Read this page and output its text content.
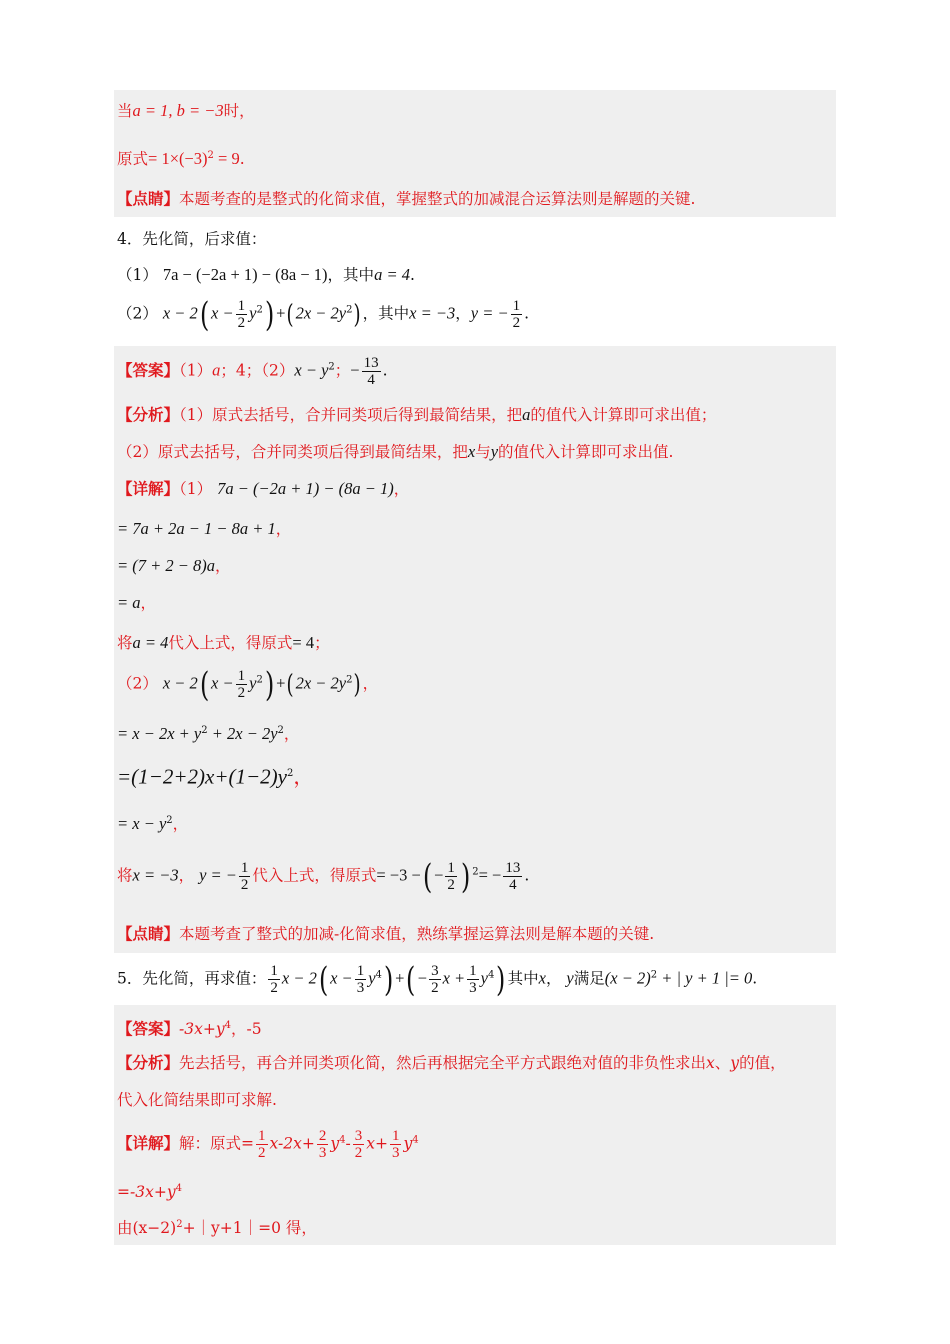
当a = 1, b = −3时，
原式= $1\times(-3)^2 = 9$.
【点睛】本题考查的是整式的化简求值，掌握整式的加减混合运算法则是解题的关键.
4．先化简，后求值：
（1） 7a − (−2a + 1) − (8a − 1)，其中a = 4.
（2） x − 2( $x - \frac{1}{2} y^2) +(2x - 2y^2)$，其中x = −3，y = − $\frac{1}{2}$ .
【答案】（1）a；4；$(2)x - y^2$；− $\frac{13}{4}$ .
【分析】（1）原式去括号，合并同类项后得到最简结果，把a的值代入计算即可求出值；
（2）原式去括号，合并同类项后得到最简结果，把x与y的值代入计算即可求出值.
【详解】（1） 7a − (−2a + 1) − (8a − 1)，
= 7a + 2a − 1 − 8a + 1，
= (7 + 2 − 8)a，
= a，
将a = 4代入上式，得原式= 4；
（2） x − 2( $x - \frac{1}{2} y^2) +(2x - 2y^2)$，
= $x - 2x + y^2 + 2x - 2y^2$，
$=(1-2+2)x+(1-2)y^2$，
= $x - y^2$，
将x = −3， y = − $\frac{1}{2}$ 代入上式，得原式= −3 −( − $\frac{1}{2}$ ) $^2= - \frac{13}{4}$ .
【点睛】本题考查了整式的加减-化简求值，熟练掌握运算法则是解本题的关键.
5．先化简，再求值： $\frac{1}{2}$ x − 2( $x - \frac{1}{3} y^4$) +( − $\frac{3}{2}$ $x + \frac{1}{3} y^4$) 其中x， y满足$(x - 2)^2$ + | y + 1 |= 0.
【答案】$-3x+y^4$，-5
【分析】先去括号，再合并同类项化简，然后再根据完全平方式跟绝对值的非负性求出x、y的值，
代入化简结果即可求解.
【详解】解：原式= $\frac{1}{2} x-2x+ \frac{2}{3} y^4- \frac{3}{2} x+ \frac{1}{3} y^4$
$=-3x+y^4$
由$(x-2)^2+|y+1|=0$ 得，
